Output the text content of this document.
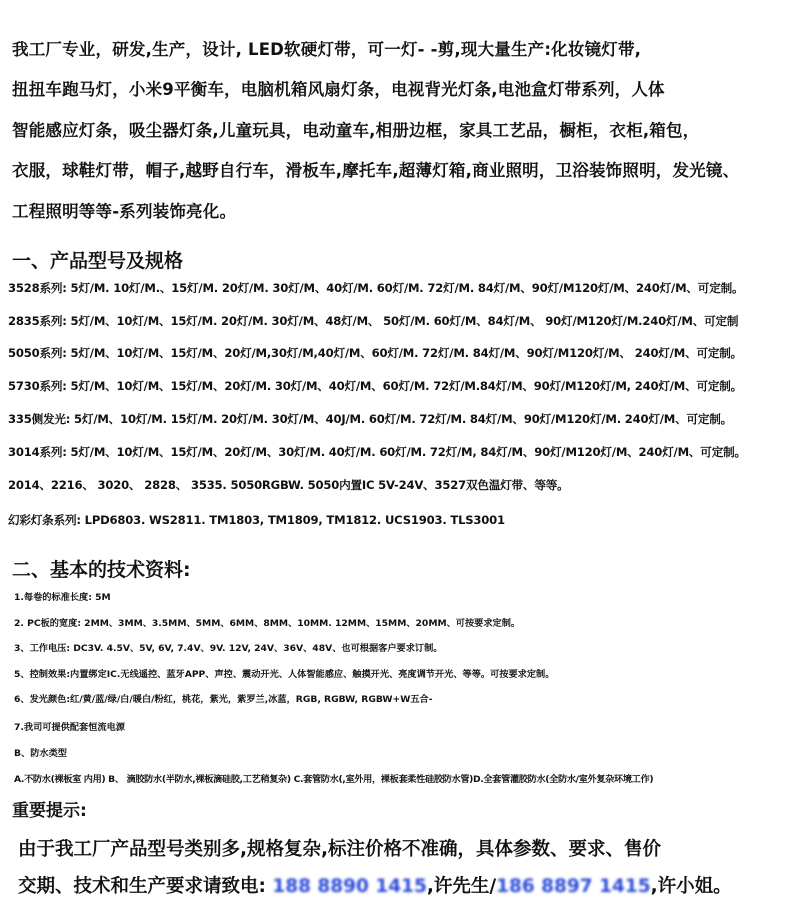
我工厂专业，研发,生产，设计, LED软硬灯带，可一灯- -剪,现大量生产:化妆镜灯带,
扭扭车跑马灯，小米9平衡车，电脑机箱风扇灯条，电视背光灯条,电池盒灯带系列，人体
智能感应灯条，吸尘器灯条,儿童玩具，电动童车,相册边框，家具工艺品，橱柜，衣柜,箱包，
衣服，球鞋灯带，帽子,越野自行车，滑板车,摩托车,超薄灯箱,商业照明，卫浴装饰照明，发光镜、
工程照明等等-系列装饰亮化。
一、产品型号及规格
3528系列: 5灯/M. 10灯/M.、15灯/M. 20灯/M. 30灯/M、40灯/M. 60灯/M. 72灯/M. 84灯/M、90灯/M120灯/M、240灯/M、可定制。
2835系列: 5灯/M、10灯/M、15灯/M. 20灯/M. 30灯/M、48灯/M、 50灯/M. 60灯/M、84灯/M、 90灯/M120灯/M.240灯/M、可定制
5050系列: 5灯/M、10灯/M、15灯/M、20灯/M,30灯/M,40灯/M、60灯/M. 72灯/M. 84灯/M、90灯/M120灯/M、 240灯/M、可定制。
5730系列: 5灯/M、10灯/M、15灯/M、20灯/M. 30灯/M、40灯/M、60灯/M. 72灯/M.84灯/M、90灯/M120灯/M, 240灯/M、可定制。
335侧发光: 5灯/M、10灯/M. 15灯/M. 20灯/M. 30灯/M、40J/M. 60灯/M. 72灯/M. 84灯/M、90灯/M120灯/M. 240灯/M、可定制。
3014系列: 5灯/M、10灯/M、15灯/M、20灯/M、30灯/M. 40灯/M. 60灯/M. 72灯/M, 84灯/M、90灯/M120灯/M、240灯/M、可定制。
2014、2216、 3020、 2828、 3535. 5050RGBW. 5050内置IC 5V-24V、3527双色温灯带、等等。
幻彩灯条系列: LPD6803. WS2811. TM1803, TM1809, TM1812. UCS1903. TLS3001
二、基本的技术资料:
1.每卷的标准长度: 5M
2. PC板的宽度: 2MM、3MM、3.5MM、5MM、6MM、8MM、10MM. 12MM、15MM、20MM、可按要求定制。
3、工作电压: DC3V. 4.5V、5V, 6V, 7.4V、9V. 12V, 24V、36V、48V、也可根据客户要求订制。
5、控制效果:内置绑定IC.无线遥控、蓝牙APP、声控、震动开光、人体智能感应、触摸开光、亮度调节开光、等等。可按要求定制。
6、发光颜色:红/黄/蓝/绿/白/暖白/粉红，桃花，紫光，紫罗兰,冰蓝，RGB, RGBW, RGBW+W五合-
7.我司可提供配套恒流电源
B、防水类型
A.不防水(裸板室 内用) B、 滴胶防水(半防水,裸板滴硅胶,工艺稍复杂) C.套管防水(,室外用，裸板套柔性硅胶防水管)D.全套管灌胶防水(全防水/室外复杂环境工作)
重要提示:
由于我工厂产品型号类别多,规格复杂,标注价格不准确，具体参数、要求、售价
交期、技术和生产要求请致电: 188 8890 1415,许先生/186 8897 1415,许小姐。
